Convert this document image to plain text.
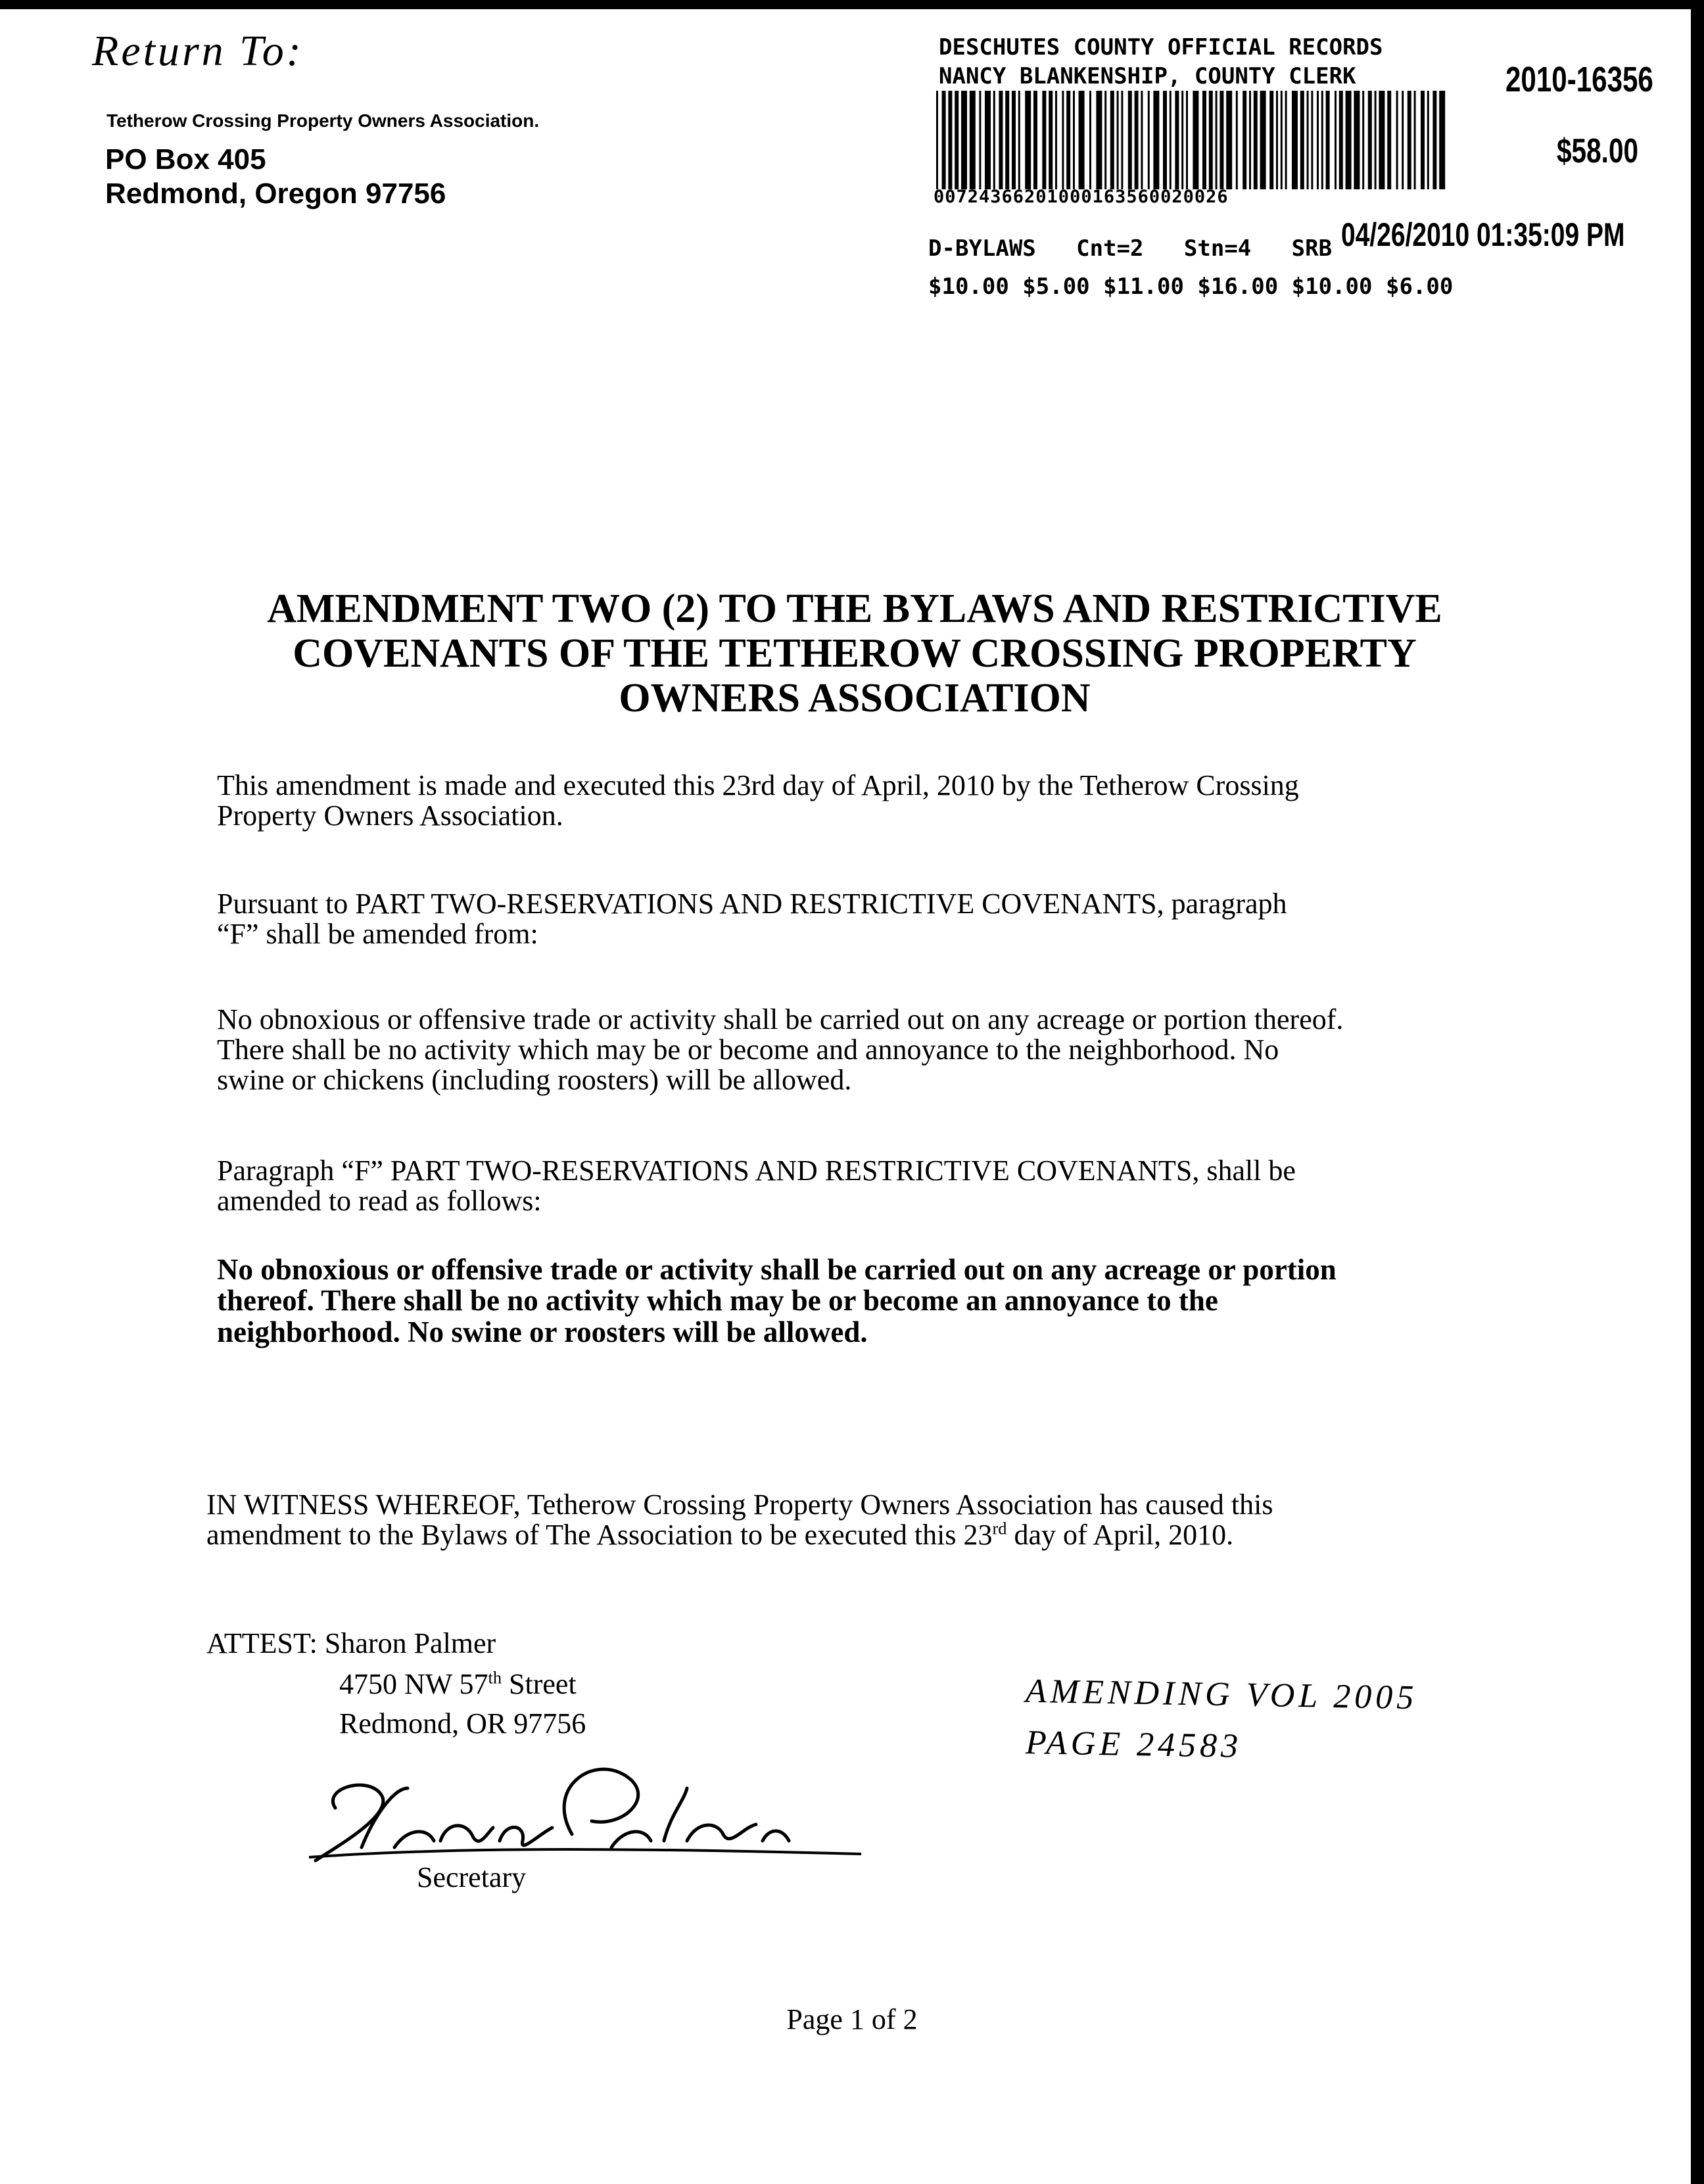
Return To:
Tetherow Crossing Property Owners Association.
PO Box 405
Redmond, Oregon 97756
DESCHUTES COUNTY OFFICIAL RECORDS
NANCY BLANKENSHIP, COUNTY CLERK
00724366201000163560020026
2010-16356
$58.00
04/26/2010 01:35:09 PM
D-BYLAWS   Cnt=2   Stn=4   SRB
$10.00 $5.00 $11.00 $16.00 $10.00 $6.00
AMENDMENT TWO (2) TO THE BYLAWS AND RESTRICTIVE
COVENANTS OF THE TETHEROW CROSSING PROPERTY
OWNERS ASSOCIATION
This amendment is made and executed this 23rd day of April, 2010 by the Tetherow Crossing
Property Owners Association.
Pursuant to PART TWO-RESERVATIONS AND RESTRICTIVE COVENANTS, paragraph
“F” shall be amended from:
No obnoxious or offensive trade or activity shall be carried out on any acreage or portion thereof.
There shall be no activity which may be or become and annoyance to the neighborhood. No
swine or chickens (including roosters) will be allowed.
Paragraph “F” PART TWO-RESERVATIONS AND RESTRICTIVE COVENANTS, shall be
amended to read as follows:
No obnoxious or offensive trade or activity shall be carried out on any acreage or portion
thereof. There shall be no activity which may be or become an annoyance to the
neighborhood. No swine or roosters will be allowed.
IN WITNESS WHEREOF, Tetherow Crossing Property Owners Association has caused this
amendment to the Bylaws of The Association to be executed this 23rd day of April, 2010.
ATTEST: Sharon Palmer
4750 NW 57th Street
Redmond, OR 97756
Secretary
AMENDING VOL 2005
PAGE 24583
Page 1 of 2
